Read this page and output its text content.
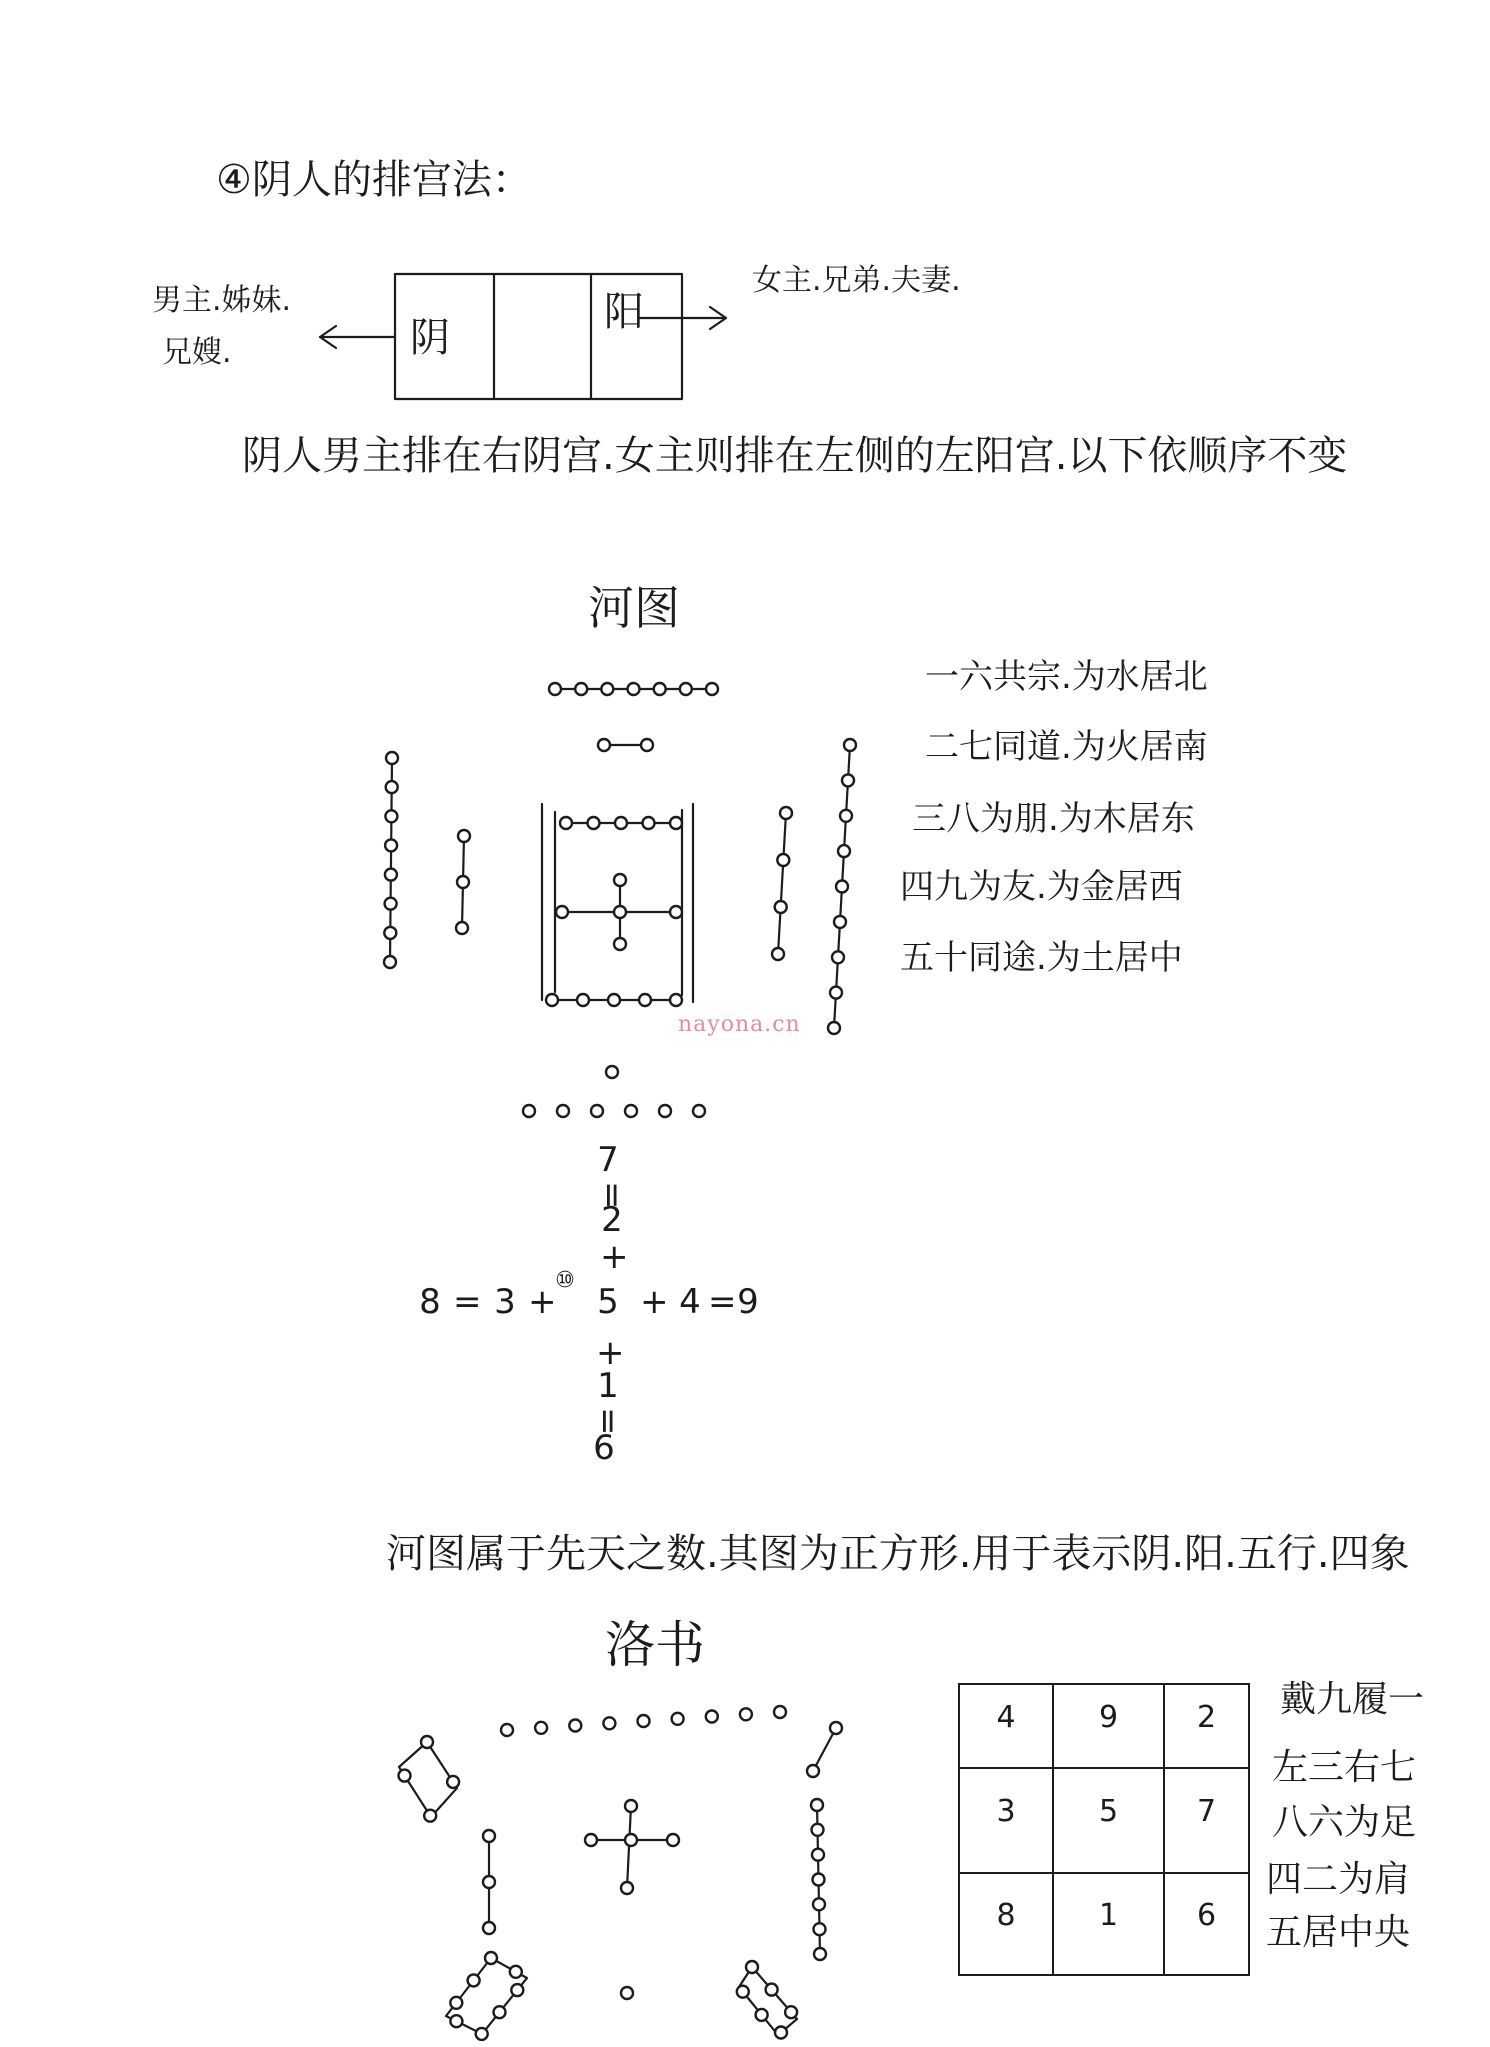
④阴人的排宫法：
男主.姊妹.
兄嫂.
女主.兄弟.夫妻.
阴
阳
阴人男主排在右阴宫.女主则排在左侧的左阳宫.以下依顺序不变
河图
一六共宗.为水居北
二七同道.为火居南
三八为朋.为木居东
四九为友.为金居西
五十同途.为土居中
nayona.cn
7
=
2
+
8 = 3 +
⑩
5 + 4 = 9
+
1
=
6
河图属于先天之数.其图为正方形.用于表示阴.阳.五行.四象
洛书
4	9	2
3	5	7
8	1	6
戴九履一
左三右七
八六为足
四二为肩
五居中央
